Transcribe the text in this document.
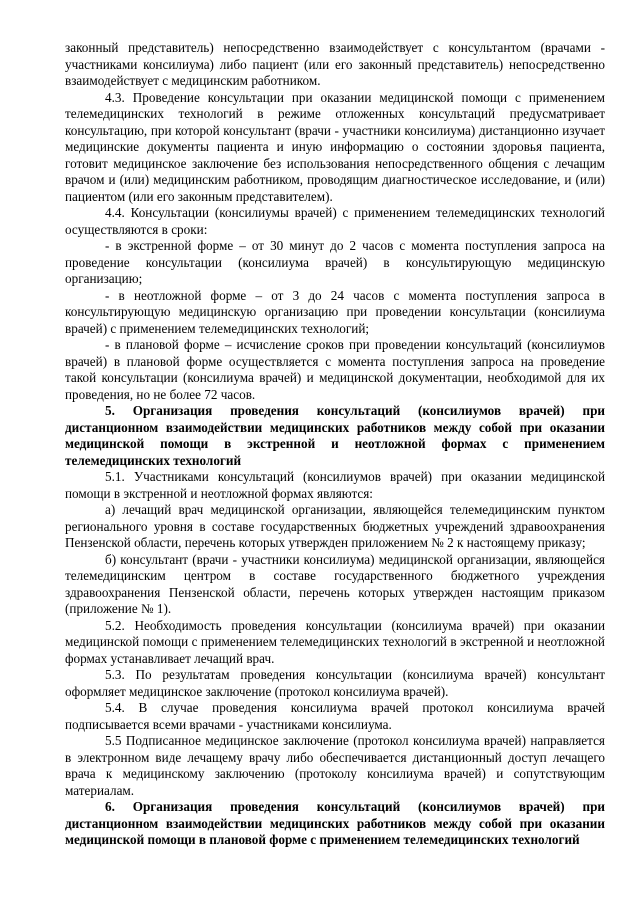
законный представитель) непосредственно взаимодействует с консультантом (врачами - участниками консилиума) либо пациент (или его законный представитель) непосредственно взаимодействует с медицинским работником.

4.3. Проведение консультации при оказании медицинской помощи с применением телемедицинских технологий в режиме отложенных консультаций предусматривает консультацию, при которой консультант (врачи - участники консилиума) дистанционно изучает медицинские документы пациента и иную информацию о состоянии здоровья пациента, готовит медицинское заключение без использования непосредственного общения с лечащим врачом и (или) медицинским работником, проводящим диагностическое исследование, и (или) пациентом (или его законным представителем).

4.4. Консультации (консилиумы врачей) с применением телемедицинских технологий осуществляются в сроки:

- в экстренной форме – от 30 минут до 2 часов с момента поступления запроса на проведение консультации (консилиума врачей) в консультирующую медицинскую организацию;

- в неотложной форме – от 3 до 24 часов с момента поступления запроса в консультирующую медицинскую организацию при проведении консультации (консилиума врачей) с применением телемедицинских технологий;

- в плановой форме – исчисление сроков при проведении консультаций (консилиумов врачей) в плановой форме осуществляется с момента поступления запроса на проведение такой консультации (консилиума врачей) и медицинской документации, необходимой для их проведения, но не более 72 часов.

5. Организация проведения консультаций (консилиумов врачей) при дистанционном взаимодействии медицинских работников между собой при оказании медицинской помощи в экстренной и неотложной формах с применением телемедицинских технологий

5.1. Участниками консультаций (консилиумов врачей) при оказании медицинской помощи в экстренной и неотложной формах являются:

а) лечащий врач медицинской организации, являющейся телемедицинским пунктом регионального уровня в составе государственных бюджетных учреждений здравоохранения Пензенской области, перечень которых утвержден приложением № 2 к настоящему приказу;

б) консультант (врачи - участники консилиума) медицинской организации, являющейся телемедицинским центром в составе государственного бюджетного учреждения здравоохранения Пензенской области, перечень которых утвержден настоящим приказом (приложение № 1).

5.2. Необходимость проведения консультации (консилиума врачей) при оказании медицинской помощи с применением телемедицинских технологий в экстренной и неотложной формах устанавливает лечащий врач.

5.3. По результатам проведения консультации (консилиума врачей) консультант оформляет медицинское заключение (протокол консилиума врачей).

5.4. В случае проведения консилиума врачей протокол консилиума врачей подписывается всеми врачами - участниками консилиума.

5.5 Подписанное медицинское заключение (протокол консилиума врачей) направляется в электронном виде лечащему врачу либо обеспечивается дистанционный доступ лечащего врача к медицинскому заключению (протоколу консилиума врачей) и сопутствующим материалам.

6. Организация проведения консультаций (консилиумов врачей) при дистанционном взаимодействии медицинских работников между собой при оказании медицинской помощи в плановой форме с применением телемедицинских технологий
